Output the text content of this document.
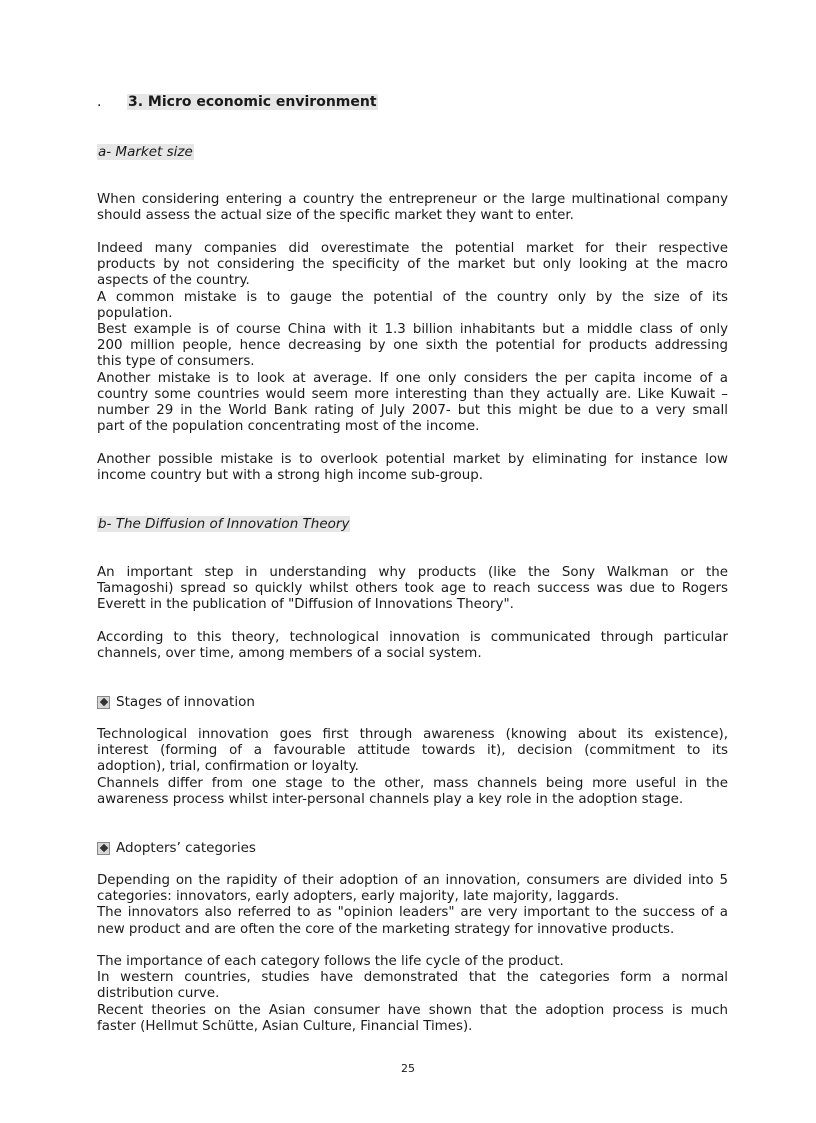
. 3. Micro economic environment
a- Market size
When considering entering a country the entrepreneur or the large multinational company
should assess the actual size of the specific market they want to enter.
Indeed many companies did overestimate the potential market for their respective
products by not considering the specificity of the market but only looking at the macro
aspects of the country.
A common mistake is to gauge the potential of the country only by the size of its
population.
Best example is of course China with it 1.3 billion inhabitants but a middle class of only
200 million people, hence decreasing by one sixth the potential for products addressing
this type of consumers.
Another mistake is to look at average. If one only considers the per capita income of a
country some countries would seem more interesting than they actually are. Like Kuwait –
number 29 in the World Bank rating of July 2007- but this might be due to a very small
part of the population concentrating most of the income.
Another possible mistake is to overlook potential market by eliminating for instance low
income country but with a strong high income sub-group.
b- The Diffusion of Innovation Theory
An important step in understanding why products (like the Sony Walkman or the
Tamagoshi) spread so quickly whilst others took age to reach success was due to Rogers
Everett in the publication of "Diffusion of Innovations Theory".
According to this theory, technological innovation is communicated through particular
channels, over time, among members of a social system.
Stages of innovation
Technological innovation goes first through awareness (knowing about its existence),
interest (forming of a favourable attitude towards it), decision (commitment to its
adoption), trial, confirmation or loyalty.
Channels differ from one stage to the other, mass channels being more useful in the
awareness process whilst inter-personal channels play a key role in the adoption stage.
Adopters’ categories
Depending on the rapidity of their adoption of an innovation, consumers are divided into 5
categories: innovators, early adopters, early majority, late majority, laggards.
The innovators also referred to as "opinion leaders" are very important to the success of a
new product and are often the core of the marketing strategy for innovative products.
The importance of each category follows the life cycle of the product.
In western countries, studies have demonstrated that the categories form a normal
distribution curve.
Recent theories on the Asian consumer have shown that the adoption process is much
faster (Hellmut Schütte, Asian Culture, Financial Times).
25
